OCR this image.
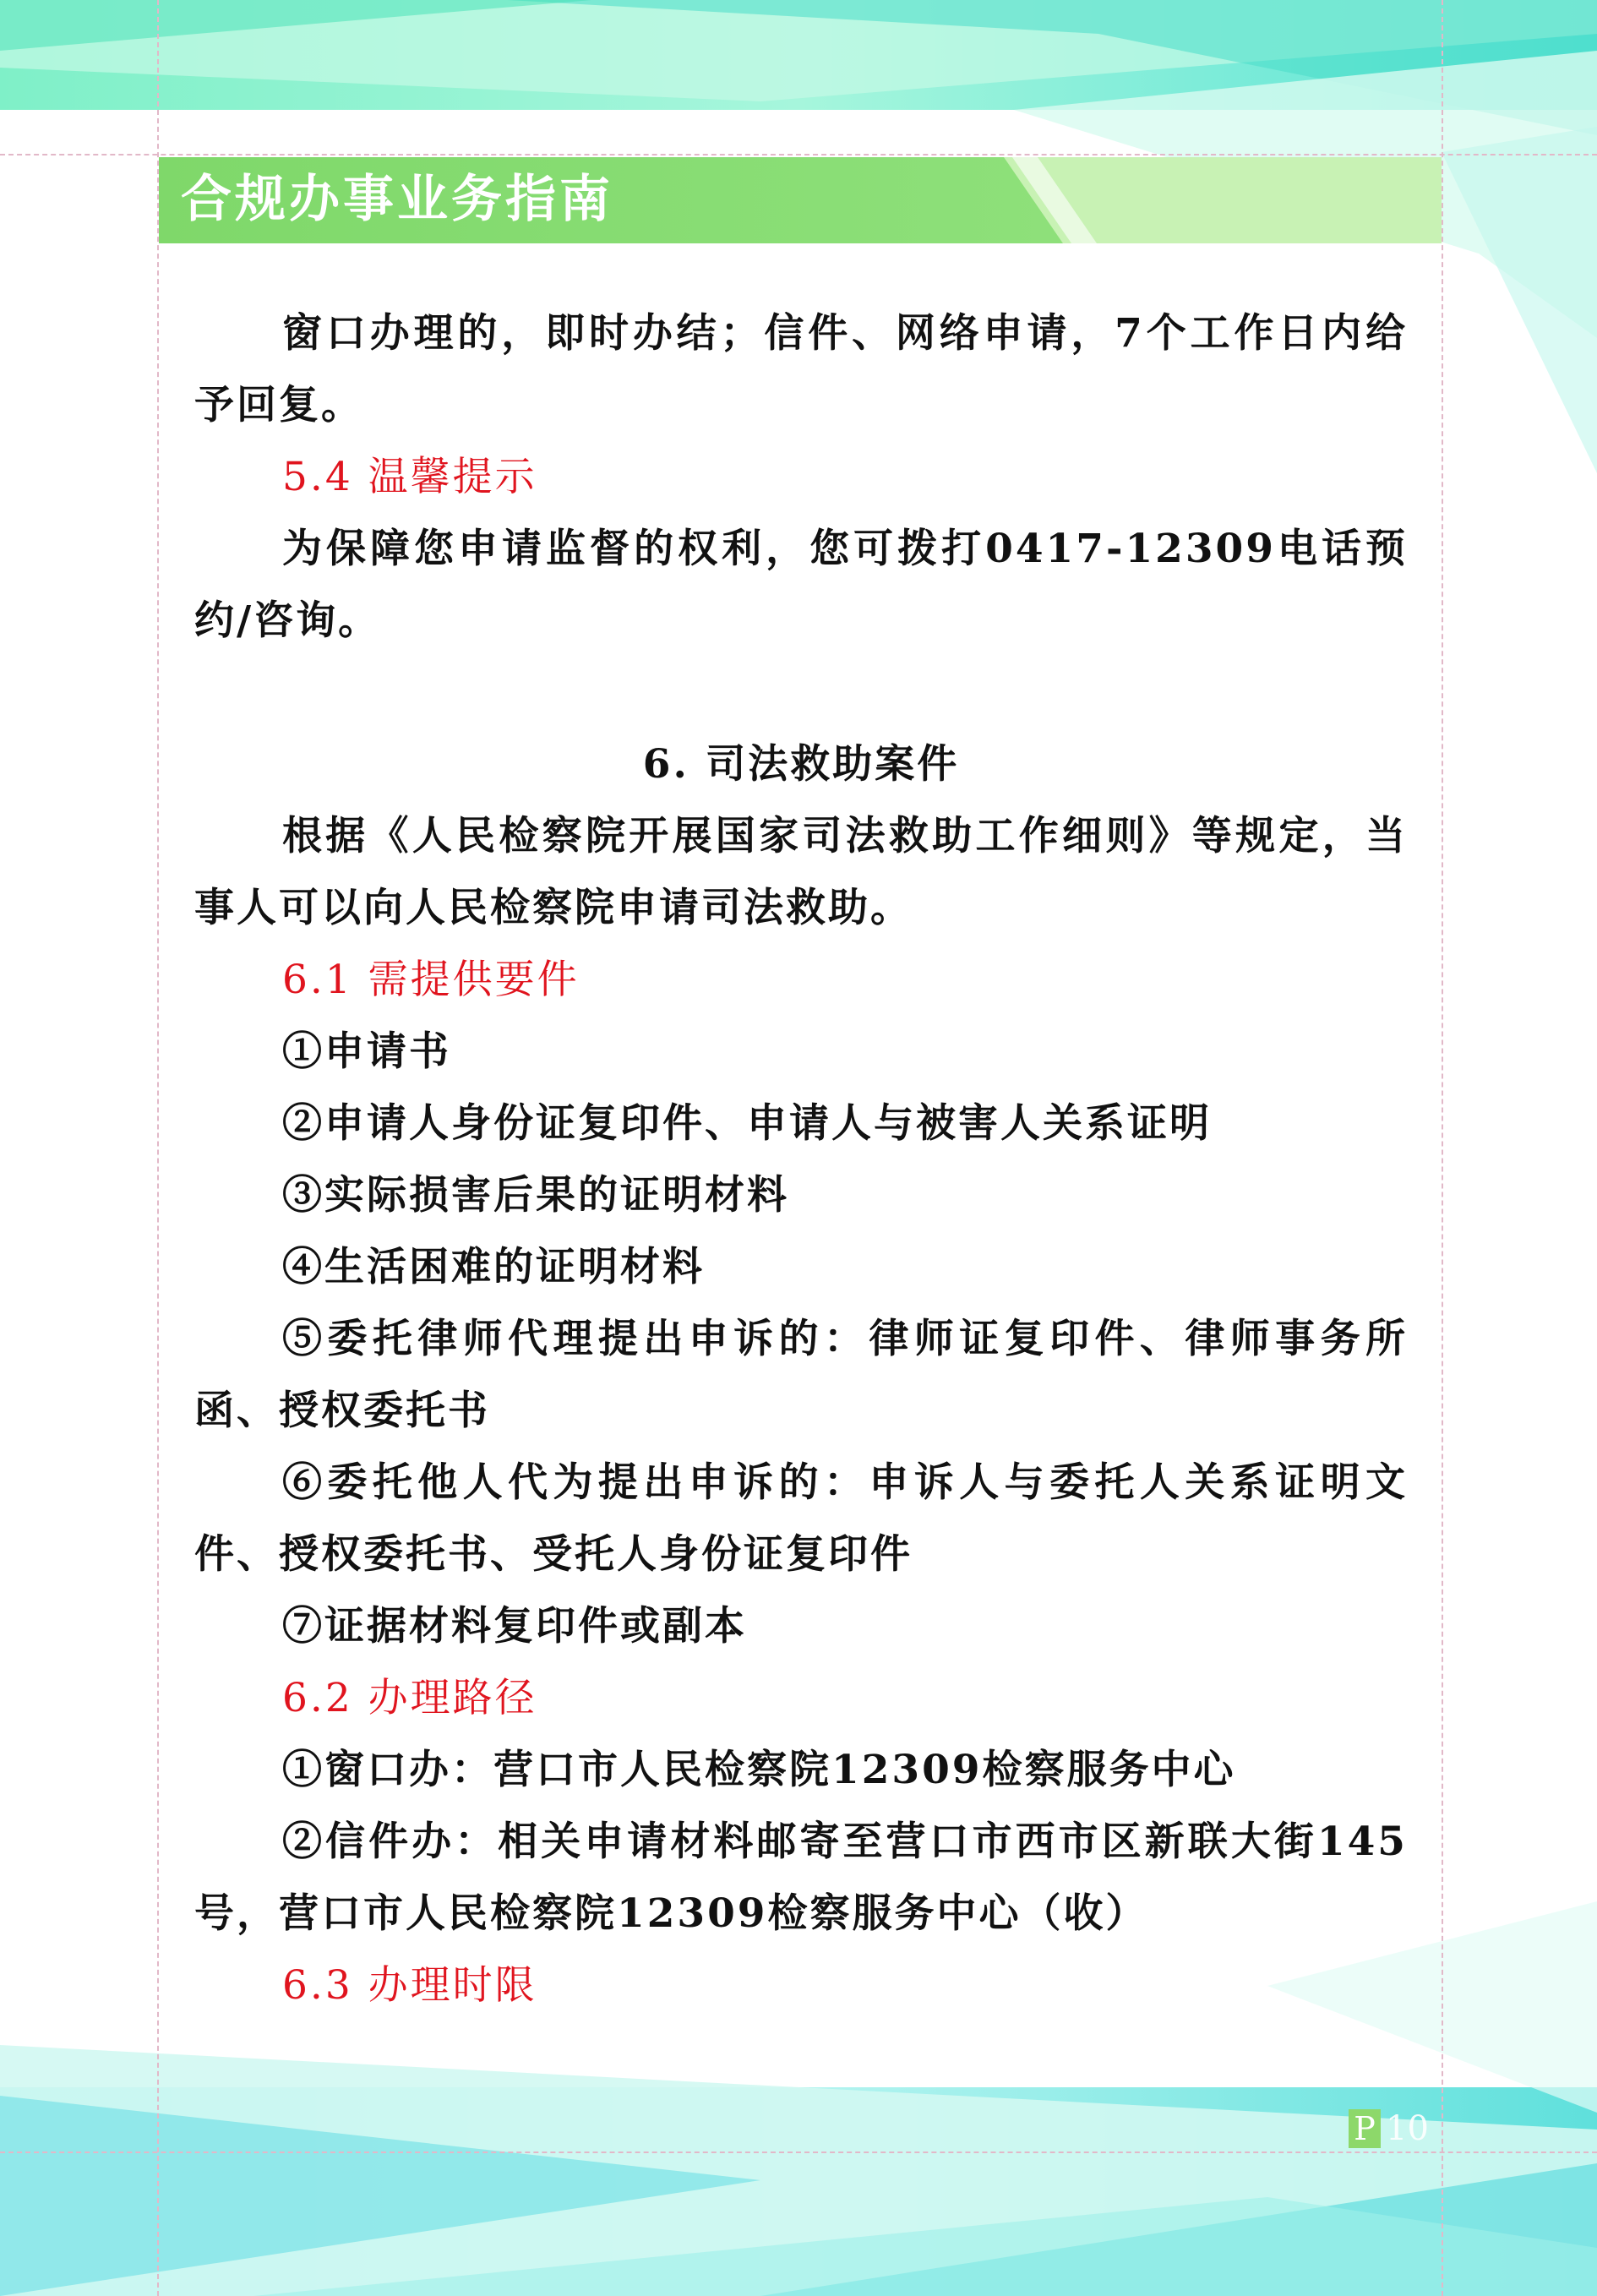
合规办事业务指南

窗口办理的，即时办结；信件、网络申请，7个工作日内给予回复。

5.4 温馨提示

为保障您申请监督的权利，您可拨打0417-12309电话预约/咨询。

6. 司法救助案件

根据《人民检察院开展国家司法救助工作细则》等规定，当事人可以向人民检察院申请司法救助。

6.1 需提供要件

①申请书

②申请人身份证复印件、申请人与被害人关系证明

③实际损害后果的证明材料

④生活困难的证明材料

⑤委托律师代理提出申诉的：律师证复印件、律师事务所函、授权委托书

⑥委托他人代为提出申诉的：申诉人与委托人关系证明文件、授权委托书、受托人身份证复印件

⑦证据材料复印件或副本

6.2 办理路径

①窗口办：营口市人民检察院12309检察服务中心

②信件办：相关申请材料邮寄至营口市西市区新联大街145号，营口市人民检察院12309检察服务中心（收）

6.3 办理时限

P 10
